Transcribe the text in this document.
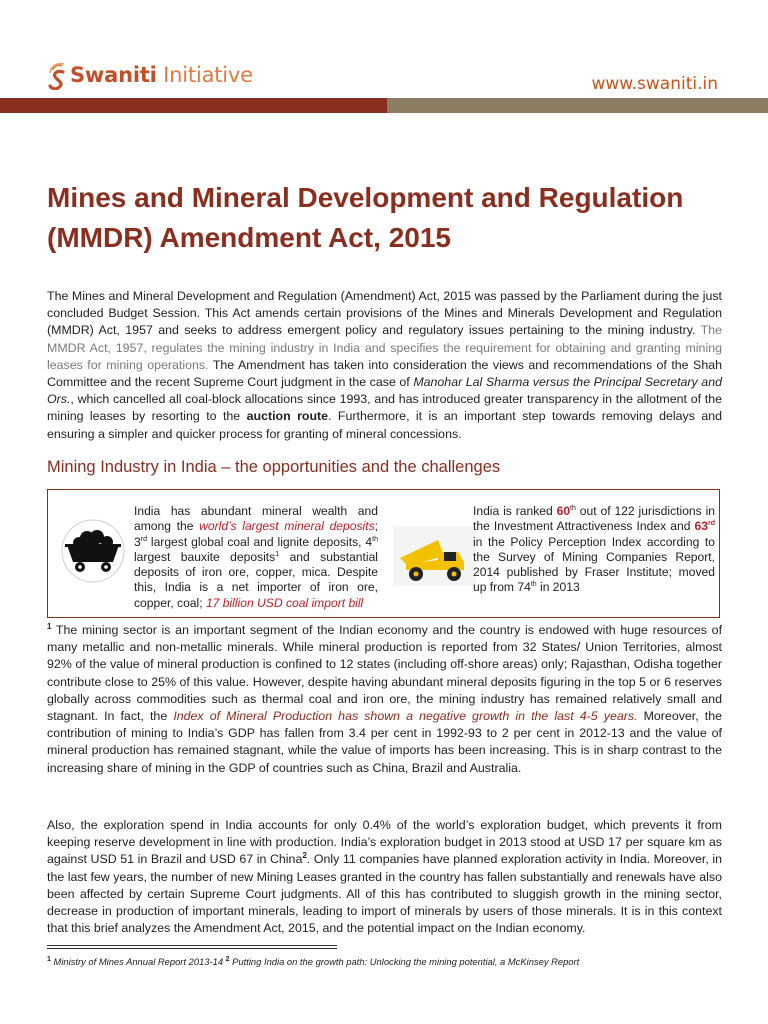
Swaniti Initiative	www.swaniti.in
Mines and Mineral Development and Regulation (MMDR) Amendment Act, 2015

The Mines and Mineral Development and Regulation (Amendment) Act, 2015 was passed by the Parliament during the just concluded Budget Session. This Act amends certain provisions of the Mines and Minerals Development and Regulation (MMDR) Act, 1957 and seeks to address emergent policy and regulatory issues pertaining to the mining industry. The MMDR Act, 1957, regulates the mining industry in India and specifies the requirement for obtaining and granting mining leases for mining operations. The Amendment has taken into consideration the views and recommendations of the Shah Committee and the recent Supreme Court judgment in the case of Manohar Lal Sharma versus the Principal Secretary and Ors., which cancelled all coal-block allocations since 1993, and has introduced greater transparency in the allotment of the mining leases by resorting to the auction route. Furthermore, it is an important step towards removing delays and ensuring a simpler and quicker process for granting of mineral concessions.

Mining Industry in India – the opportunities and the challenges

India has abundant mineral wealth and among the world’s largest mineral deposits; 3rd largest global coal and lignite deposits, 4th largest bauxite deposits$^1$ and substantial deposits of iron ore, copper, mica. Despite this, India is a net importer of iron ore, copper, coal; 17 billion USD coal import bill

India is ranked 60th out of 122 jurisdictions in the Investment Attractiveness Index and 63rd in the Policy Perception Index according to the Survey of Mining Companies Report, 2014 published by Fraser Institute; moved up from 74th in 2013

$^1$ The mining sector is an important segment of the Indian economy and the country is endowed with huge resources of many metallic and non-metallic minerals. While mineral production is reported from 32 States/ Union Territories, almost 92% of the value of mineral production is confined to 12 states (including off-shore areas) only; Rajasthan, Odisha together contribute close to 25% of this value. However, despite having abundant mineral deposits figuring in the top 5 or 6 reserves globally across commodities such as thermal coal and iron ore, the mining industry has remained relatively small and stagnant. In fact, the Index of Mineral Production has shown a negative growth in the last 4-5 years. Moreover, the contribution of mining to India’s GDP has fallen from 3.4 per cent in 1992-93 to 2 per cent in 2012-13 and the value of mineral production has remained stagnant, while the value of imports has been increasing. This is in sharp contrast to the increasing share of mining in the GDP of countries such as China, Brazil and Australia.

Also, the exploration spend in India accounts for only 0.4% of the world’s exploration budget, which prevents it from keeping reserve development in line with production. India’s exploration budget in 2013 stood at USD 17 per square km as against USD 51 in Brazil and USD 67 in China$^2$. Only 11 companies have planned exploration activity in India. Moreover, in the last few years, the number of new Mining Leases granted in the country has fallen substantially and renewals have also been affected by certain Supreme Court judgments. All of this has contributed to sluggish growth in the mining sector, decrease in production of important minerals, leading to import of minerals by users of those minerals. It is in this context that this brief analyzes the Amendment Act, 2015, and the potential impact on the Indian economy.

$^1$ Ministry of Mines Annual Report 2013-14 $^2$ Putting India on the growth path: Unlocking the mining potential, a McKinsey Report
